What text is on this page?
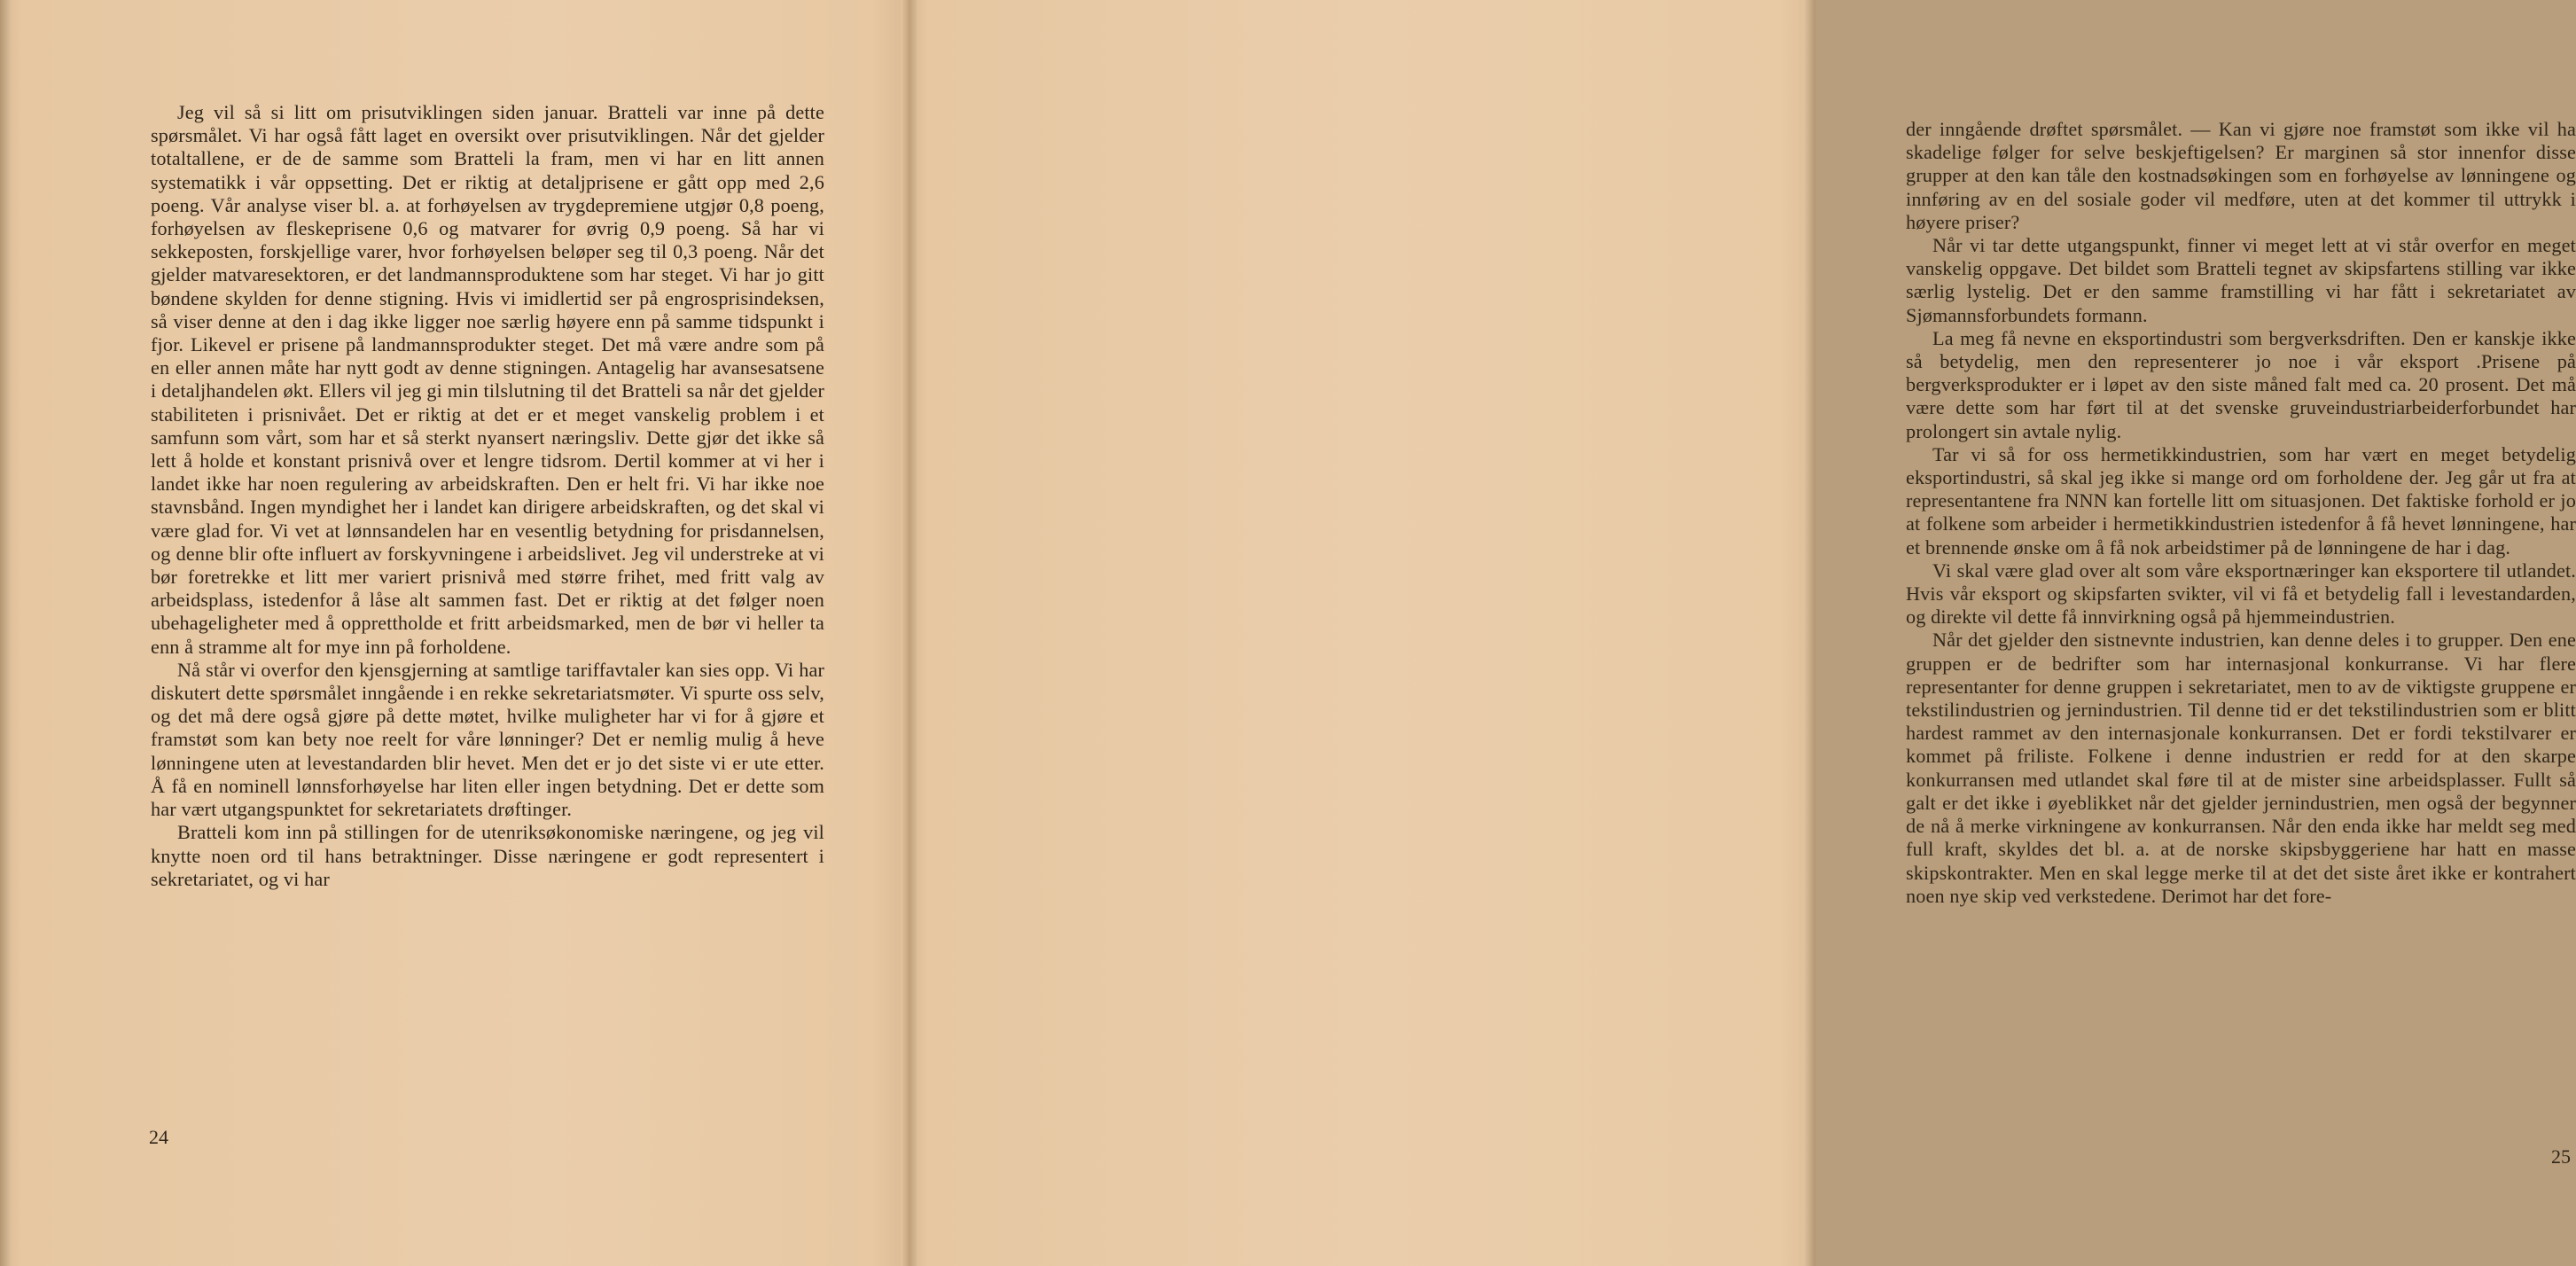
Jeg vil så si litt om prisutviklingen siden januar. Bratteli var inne på dette spørsmålet. Vi har også fått laget en oversikt over prisutviklingen. Når det gjelder totaltallene, er de de samme som Bratteli la fram, men vi har en litt annen systematikk i vår oppsetting. Det er riktig at detaljprisene er gått opp med 2,6 poeng. Vår analyse viser bl. a. at forhøyelsen av trygdepremiene utgjør 0,8 poeng, forhøyelsen av fleskeprisene 0,6 og matvarer for øvrig 0,9 poeng. Så har vi sekkeposten, forskjellige varer, hvor forhøyelsen beløper seg til 0,3 poeng. Når det gjelder matvaresektoren, er det landmannsproduktene som har steget. Vi har jo gitt bøndene skylden for denne stigning. Hvis vi imidlertid ser på engrosprisindeksen, så viser denne at den i dag ikke ligger noe særlig høyere enn på samme tidspunkt i fjor. Likevel er prisene på landmannsprodukter steget. Det må være andre som på en eller annen måte har nytt godt av denne stigningen. Antagelig har avansesatsene i detaljhandelen økt. Ellers vil jeg gi min tilslutning til det Bratteli sa når det gjelder stabiliteten i prisnivået. Det er riktig at det er et meget vanskelig problem i et samfunn som vårt, som har et så sterkt nyansert næringsliv. Dette gjør det ikke så lett å holde et konstant prisnivå over et lengre tidsrom. Dertil kommer at vi her i landet ikke har noen regulering av arbeidskraften. Den er helt fri. Vi har ikke noe stavnsbånd. Ingen myndighet her i landet kan dirigere arbeidskraften, og det skal vi være glad for. Vi vet at lønnsandelen har en vesentlig betydning for prisdannelsen, og denne blir ofte influert av forskyvningene i arbeidslivet. Jeg vil understreke at vi bør foretrekke et litt mer variert prisnivå med større frihet, med fritt valg av arbeidsplass, istedenfor å låse alt sammen fast. Det er riktig at det følger noen ubehageligheter med å opprettholde et fritt arbeidsmarked, men de bør vi heller ta enn å stramme alt for mye inn på forholdene.

Nå står vi overfor den kjensgjerning at samtlige tariffavtaler kan sies opp. Vi har diskutert dette spørsmålet inngående i en rekke sekretariatsmøter. Vi spurte oss selv, og det må dere også gjøre på dette møtet, hvilke muligheter har vi for å gjøre et framstøt som kan bety noe reelt for våre lønninger? Det er nemlig mulig å heve lønningene uten at levestandarden blir hevet. Men det er jo det siste vi er ute etter. Å få en nominell lønnsforhøyelse har liten eller ingen betydning. Det er dette som har vært utgangspunktet for sekretariatets drøftinger.

Bratteli kom inn på stillingen for de utenriksøkonomiske næringene, og jeg vil knytte noen ord til hans betraktninger. Disse næringene er godt representert i sekretariatet, og vi har

24

der inngående drøftet spørsmålet. — Kan vi gjøre noe framstøt som ikke vil ha skadelige følger for selve beskjeftigelsen? Er marginen så stor innenfor disse grupper at den kan tåle den kostnadsøkingen som en forhøyelse av lønningene og innføring av en del sosiale goder vil medføre, uten at det kommer til uttrykk i høyere priser?

Når vi tar dette utgangspunkt, finner vi meget lett at vi står overfor en meget vanskelig oppgave. Det bildet som Bratteli tegnet av skipsfartens stilling var ikke særlig lystelig. Det er den samme framstilling vi har fått i sekretariatet av Sjømannsforbundets formann.

La meg få nevne en eksportindustri som bergverksdriften. Den er kanskje ikke så betydelig, men den representerer jo noe i vår eksport .Prisene på bergverksprodukter er i løpet av den siste måned falt med ca. 20 prosent. Det må være dette som har ført til at det svenske gruveindustriarbeiderforbundet har prolongert sin avtale nylig.

Tar vi så for oss hermetikkindustrien, som har vært en meget betydelig eksportindustri, så skal jeg ikke si mange ord om forholdene der. Jeg går ut fra at representantene fra NNN kan fortelle litt om situasjonen. Det faktiske forhold er jo at folkene som arbeider i hermetikkindustrien istedenfor å få hevet lønningene, har et brennende ønske om å få nok arbeidstimer på de lønningene de har i dag.

Vi skal være glad over alt som våre eksportnæringer kan eksportere til utlandet. Hvis vår eksport og skipsfarten svikter, vil vi få et betydelig fall i levestandarden, og direkte vil dette få innvirkning også på hjemmeindustrien.

Når det gjelder den sistnevnte industrien, kan denne deles i to grupper. Den ene gruppen er de bedrifter som har internasjonal konkurranse. Vi har flere representanter for denne gruppen i sekretariatet, men to av de viktigste gruppene er tekstilindustrien og jernindustrien. Til denne tid er det tekstilindustrien som er blitt hardest rammet av den internasjonale konkurransen. Det er fordi tekstilvarer er kommet på friliste. Folkene i denne industrien er redd for at den skarpe konkurransen med utlandet skal føre til at de mister sine arbeidsplasser. Fullt så galt er det ikke i øyeblikket når det gjelder jernindustrien, men også der begynner de nå å merke virkningene av konkurransen. Når den enda ikke har meldt seg med full kraft, skyldes det bl. a. at de norske skipsbyggeriene har hatt en masse skipskontrakter. Men en skal legge merke til at det det siste året ikke er kontrahert noen nye skip ved verkstedene. Derimot har det fore-

25
